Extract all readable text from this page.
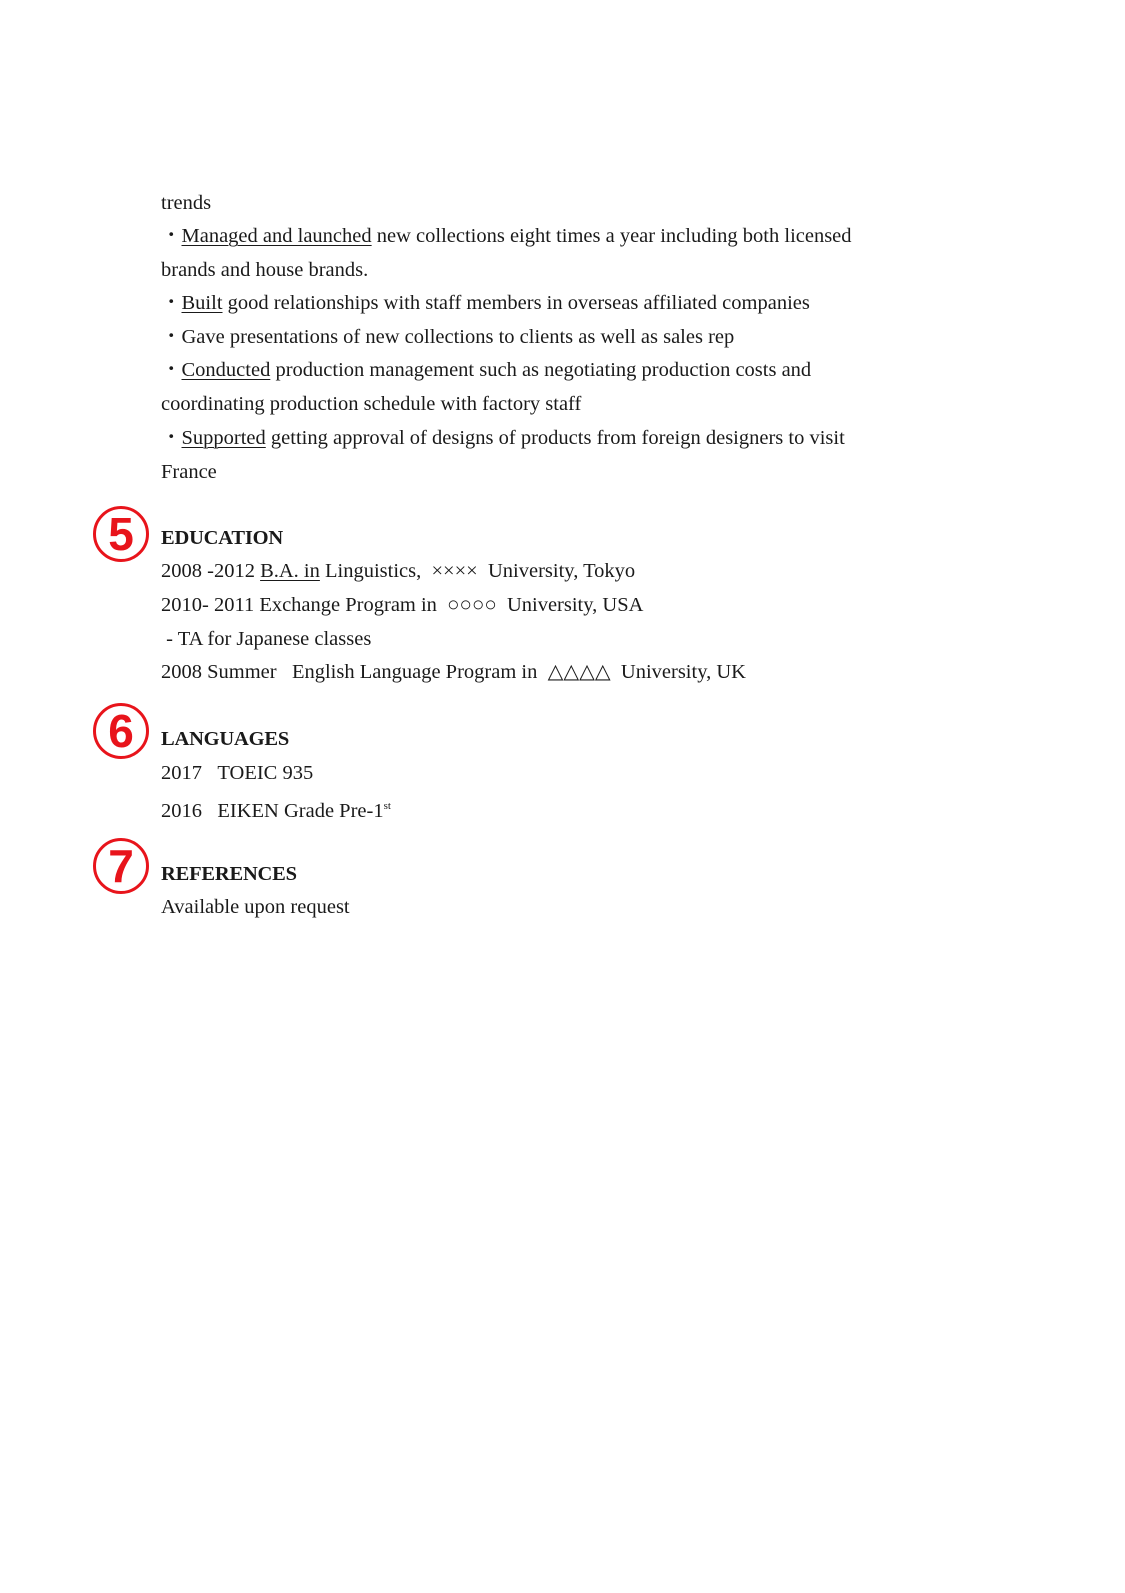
trends
・Managed and launched new collections eight times a year including both licensed
brands and house brands.
・Built good relationships with staff members in overseas affiliated companies
・Gave presentations of new collections to clients as well as sales rep
・Conducted production management such as negotiating production costs and
coordinating production schedule with factory staff
・Supported getting approval of designs of products from foreign designers to visit
France
5	EDUCATION
2008 -2012 B.A. in Linguistics,  ××××  University, Tokyo
2010- 2011 Exchange Program in  ○○○○  University, USA
- TA for Japanese classes
2008 Summer   English Language Program in  △△△△  University, UK
6	LANGUAGES
2017   TOEIC 935
2016   EIKEN Grade Pre-1st
7	REFERENCES
Available upon request
